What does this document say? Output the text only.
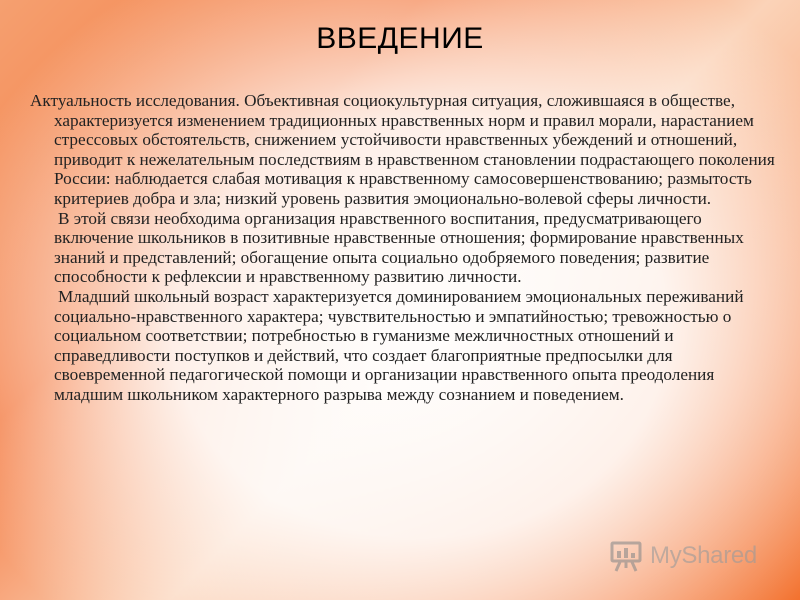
ВВЕДЕНИЕ

Актуальность исследования. Объективная социокультурная ситуация, сложившаяся в обществе, характеризуется изменением традиционных нравственных норм и правил морали, нарастанием стрессовых обстоятельств, снижением устойчивости нравственных убеждений и отношений, приводит к нежелательным последствиям в нравственном становлении подрастающего поколения России: наблюдается слабая мотивация к нравственному самосовершенствованию; размытость критериев добра и зла; низкий уровень развития эмоционально-волевой сферы личности.

В этой связи необходима организация нравственного воспитания, предусматривающего включение школьников в позитивные нравственные отношения; формирование нравственных знаний и представлений; обогащение опыта социально одобряемого поведения; развитие способности к рефлексии и нравственному развитию личности.

Младший школьный возраст характеризуется доминированием эмоциональных переживаний социально-нравственного характера; чувствительностью и эмпатийностью; тревожностью о социальном соответствии; потребностью в гуманизме межличностных отношений и справедливости поступков и действий, что создает благоприятные предпосылки для своевременной педагогической помощи и организации нравственного опыта преодоления младшим школьником характерного разрыва между сознанием и поведением.

MyShared
